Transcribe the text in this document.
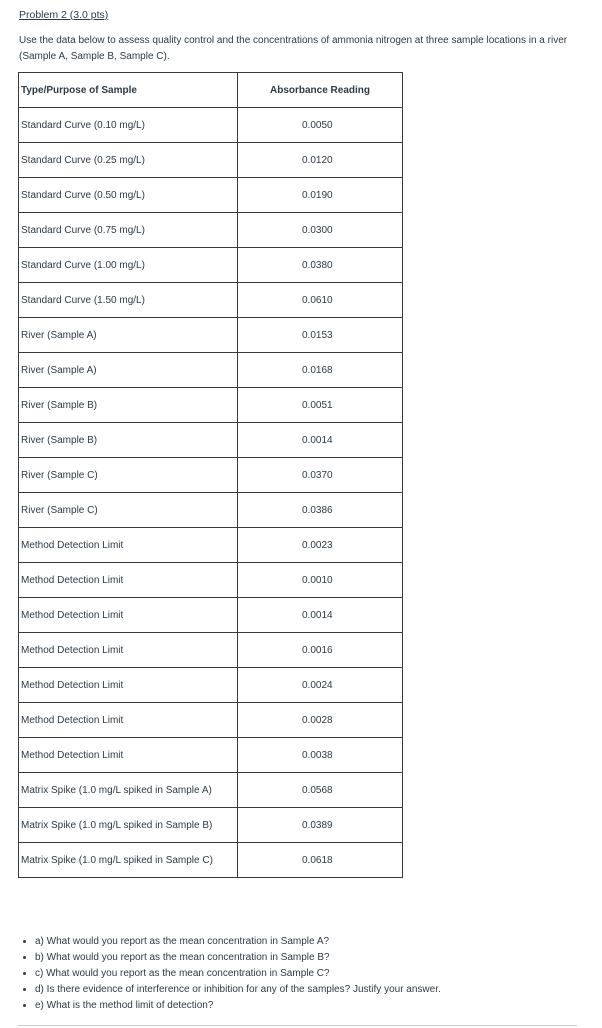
Problem 2 (3.0 pts)
Use the data below to assess quality control and the concentrations of ammonia nitrogen at three sample locations in a river (Sample A, Sample B, Sample C).
Type/Purpose of Sample	Absorbance Reading
Standard Curve (0.10 mg/L)	0.0050
Standard Curve (0.25 mg/L)	0.0120
Standard Curve (0.50 mg/L)	0.0190
Standard Curve (0.75 mg/L)	0.0300
Standard Curve (1.00 mg/L)	0.0380
Standard Curve (1.50 mg/L)	0.0610
River (Sample A)	0.0153
River (Sample A)	0.0168
River (Sample B)	0.0051
River (Sample B)	0.0014
River (Sample C)	0.0370
River (Sample C)	0.0386
Method Detection Limit	0.0023
Method Detection Limit	0.0010
Method Detection Limit	0.0014
Method Detection Limit	0.0016
Method Detection Limit	0.0024
Method Detection Limit	0.0028
Method Detection Limit	0.0038
Matrix Spike (1.0 mg/L spiked in Sample A)	0.0568
Matrix Spike (1.0 mg/L spiked in Sample B)	0.0389
Matrix Spike (1.0 mg/L spiked in Sample C)	0.0618
• a) What would you report as the mean concentration in Sample A?
• b) What would you report as the mean concentration in Sample B?
• c) What would you report as the mean concentration in Sample C?
• d) Is there evidence of interference or inhibition for any of the samples? Justify your answer.
• e) What is the method limit of detection?
